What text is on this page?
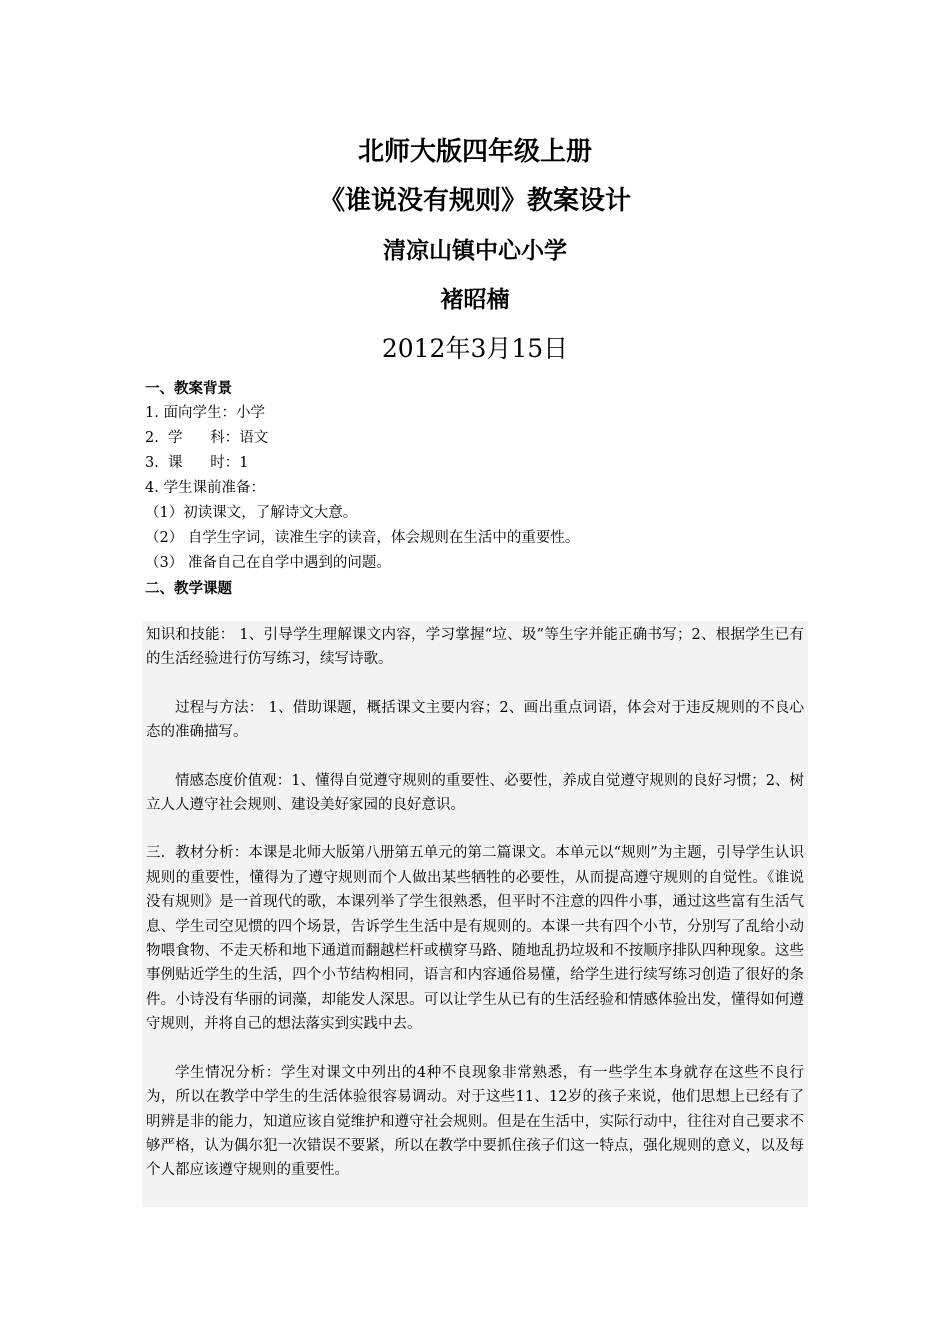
北师大版四年级上册
《谁说没有规则》教案设计
清凉山镇中心小学
褚昭楠
2012年3月15日
一、教案背景
1. 面向学生：小学
2.  学      科：语文
3.  课      时：1
4. 学生课前准备：
（1）初读课文，了解诗文大意。
（2） 自学生字词，读准生字的读音，体会规则在生活中的重要性。
（3） 准备自己在自学中遇到的问题。
二、教学课题

知识和技能： 1、引导学生理解课文内容，学习掌握“垃、圾”等生字并能正确书写；2、根据学生已有的生活经验进行仿写练习，续写诗歌。

过程与方法： 1、借助课题，概括课文主要内容；2、画出重点词语，体会对于违反规则的不良心态的准确描写。

情感态度价值观：1、懂得自觉遵守规则的重要性、必要性，养成自觉遵守规则的良好习惯；2、树立人人遵守社会规则、建设美好家园的良好意识。

三．教材分析：本课是北师大版第八册第五单元的第二篇课文。本单元以“规则”为主题，引导学生认识规则的重要性，懂得为了遵守规则而个人做出某些牺牲的必要性，从而提高遵守规则的自觉性。《谁说没有规则》是一首现代的歌，本课列举了学生很熟悉，但平时不注意的四件小事，通过这些富有生活气息、学生司空见惯的四个场景，告诉学生生活中是有规则的。本课一共有四个小节，分别写了乱给小动物喂食物、不走天桥和地下通道而翻越栏杆或横穿马路、随地乱扔垃圾和不按顺序排队四种现象。这些事例贴近学生的生活，四个小节结构相同，语言和内容通俗易懂，给学生进行续写练习创造了很好的条件。小诗没有华丽的词藻，却能发人深思。可以让学生从已有的生活经验和情感体验出发，懂得如何遵守规则，并将自己的想法落实到实践中去。

学生情况分析：学生对课文中列出的4种不良现象非常熟悉，有一些学生本身就存在这些不良行为，所以在教学中学生的生活体验很容易调动。对于这些11、12岁的孩子来说，他们思想上已经有了明辨是非的能力，知道应该自觉维护和遵守社会规则。但是在生活中，实际行动中，往往对自己要求不够严格，认为偶尔犯一次错误不要紧，所以在教学中要抓住孩子们这一特点，强化规则的意义，以及每个人都应该遵守规则的重要性。
